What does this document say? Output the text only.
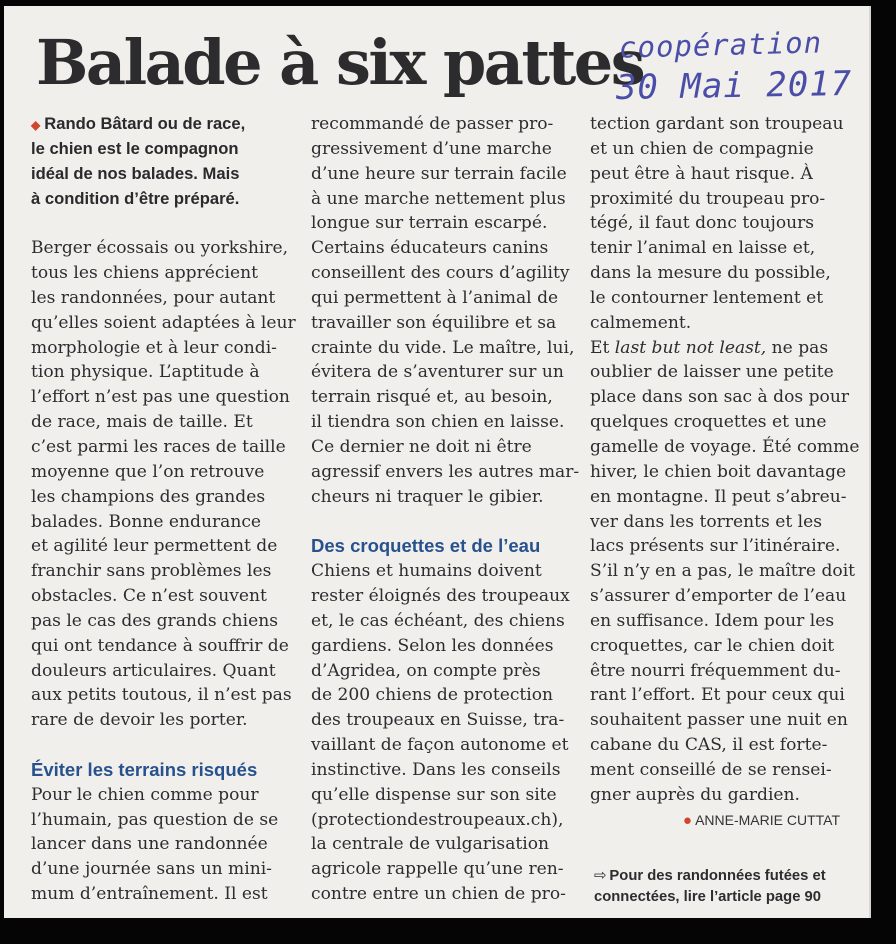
Balade à six pattes
coopération
30 Mai 2017
◆ Rando Bâtard ou de race,
le chien est le compagnon
idéal de nos balades. Mais
à condition d’être préparé.
Berger écossais ou yorkshire,
tous les chiens apprécient
les randonnées, pour autant
qu’elles soient adaptées à leur
morphologie et à leur condi-
tion physique. L’aptitude à
l’effort n’est pas une question
de race, mais de taille. Et
c’est parmi les races de taille
moyenne que l’on retrouve
les champions des grandes
balades. Bonne endurance
et agilité leur permettent de
franchir sans problèmes les
obstacles. Ce n’est souvent
pas le cas des grands chiens
qui ont tendance à souffrir de
douleurs articulaires. Quant
aux petits toutous, il n’est pas
rare de devoir les porter.
Éviter les terrains risqués
Pour le chien comme pour
l’humain, pas question de se
lancer dans une randonnée
d’une journée sans un mini-
mum d’entraînement. Il est
recommandé de passer pro-
gressivement d’une marche
d’une heure sur terrain facile
à une marche nettement plus
longue sur terrain escarpé.
Certains éducateurs canins
conseillent des cours d’agility
qui permettent à l’animal de
travailler son équilibre et sa
crainte du vide. Le maître, lui,
évitera de s’aventurer sur un
terrain risqué et, au besoin,
il tiendra son chien en laisse.
Ce dernier ne doit ni être
agressif envers les autres mar-
cheurs ni traquer le gibier.
Des croquettes et de l’eau
Chiens et humains doivent
rester éloignés des troupeaux
et, le cas échéant, des chiens
gardiens. Selon les données
d’Agridea, on compte près
de 200 chiens de protection
des troupeaux en Suisse, tra-
vaillant de façon autonome et
instinctive. Dans les conseils
qu’elle dispense sur son site
(protectiondestroupeaux.ch),
la centrale de vulgarisation
agricole rappelle qu’une ren-
contre entre un chien de pro-
tection gardant son troupeau
et un chien de compagnie
peut être à haut risque. À
proximité du troupeau pro-
tégé, il faut donc toujours
tenir l’animal en laisse et,
dans la mesure du possible,
le contourner lentement et
calmement.
Et last but not least, ne pas
oublier de laisser une petite
place dans son sac à dos pour
quelques croquettes et une
gamelle de voyage. Été comme
hiver, le chien boit davantage
en montagne. Il peut s’abreu-
ver dans les torrents et les
lacs présents sur l’itinéraire.
S’il n’y en a pas, le maître doit
s’assurer d’emporter de l’eau
en suffisance. Idem pour les
croquettes, car le chien doit
être nourri fréquemment du-
rant l’effort. Et pour ceux qui
souhaitent passer une nuit en
cabane du CAS, il est forte-
ment conseillé de se rensei-
gner auprès du gardien.
● ANNE-MARIE CUTTAT
⇨ Pour des randonnées futées et
connectées, lire l’article page 90
